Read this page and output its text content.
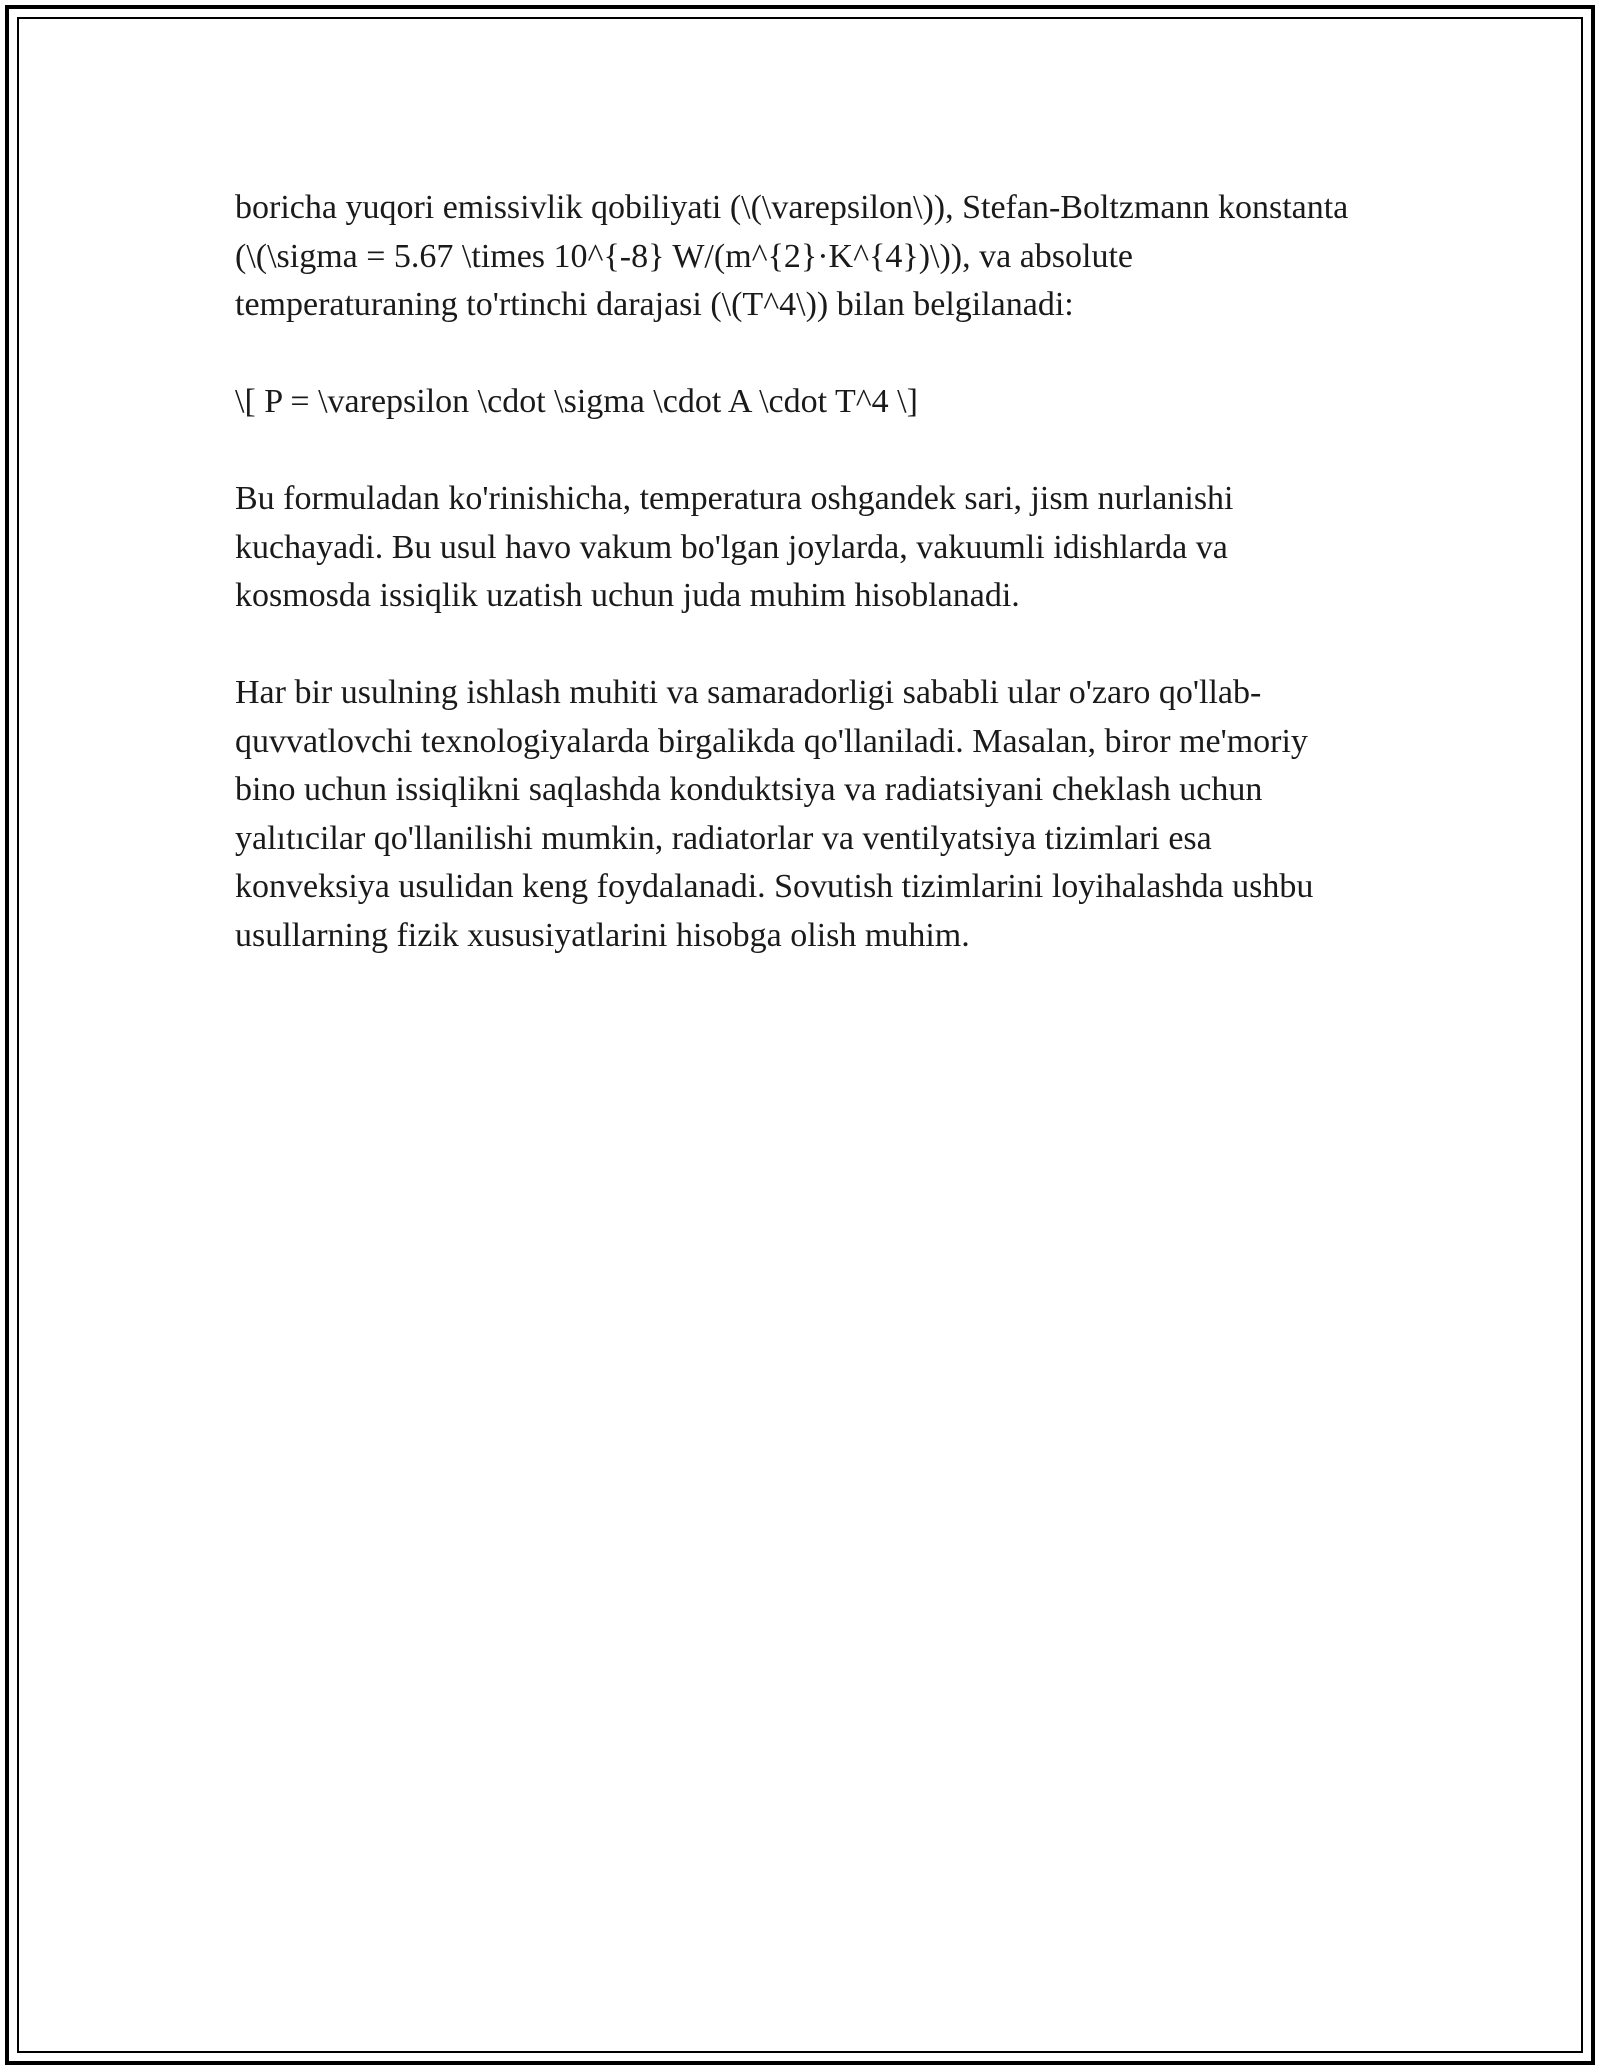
boricha yuqori emissivlik qobiliyati (\(\varepsilon\)), Stefan-Boltzmann konstanta (\(\sigma = 5.67 \times 10^{-8} W/(m^{2}·K^{4})\)), va absolute temperaturaning to'rtinchi darajasi (\(T^4\)) bilan belgilanadi:

\[ P = \varepsilon \cdot \sigma \cdot A \cdot T^4 \]

Bu formuladan ko'rinishicha, temperatura oshgandek sari, jism nurlanishi kuchayadi. Bu usul havo vakum bo'lgan joylarda, vakuumli idishlarda va kosmosda issiqlik uzatish uchun juda muhim hisoblanadi.

Har bir usulning ishlash muhiti va samaradorligi sababli ular o'zaro qo'llab-quvvatlovchi texnologiyalarda birgalikda qo'llaniladi. Masalan, biror me'moriy bino uchun issiqlikni saqlashda konduktsiya va radiatsiyani cheklash uchun yalıtıcilar qo'llanilishi mumkin, radiatorlar va ventilyatsiya tizimlari esa konveksiya usulidan keng foydalanadi. Sovutish tizimlarini loyihalashda ushbu usullarning fizik xususiyatlarini hisobga olish muhim.
